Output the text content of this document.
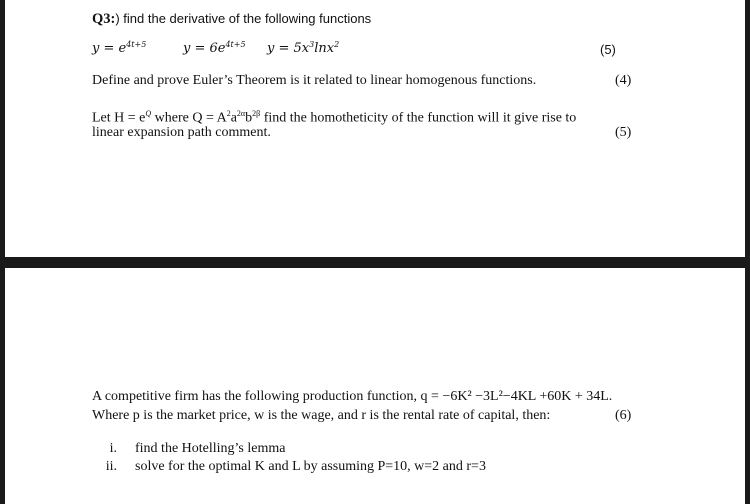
Q3:) find the derivative of the following functions
$y = e^{4t+5}$	$y = 6e^{4t+5}$ $y = 5x^3\ln x^2$	(5)
Define and prove Euler’s Theorem is it related to linear homogenous functions.	(4)
Let $H = e^Q$ where $Q = A^2a^{2\alpha}b^{2\beta}$ find the homotheticity of the function will it give rise to
linear expansion path comment.	(5)
A competitive firm has the following production function, q = −6K² −3L²−4KL +60K + 34L.
Where p is the market price, w is the wage, and r is the rental rate of capital, then:	(6)
i. find the Hotelling’s lemma
ii. solve for the optimal K and L by assuming P=10, w=2 and r=3
